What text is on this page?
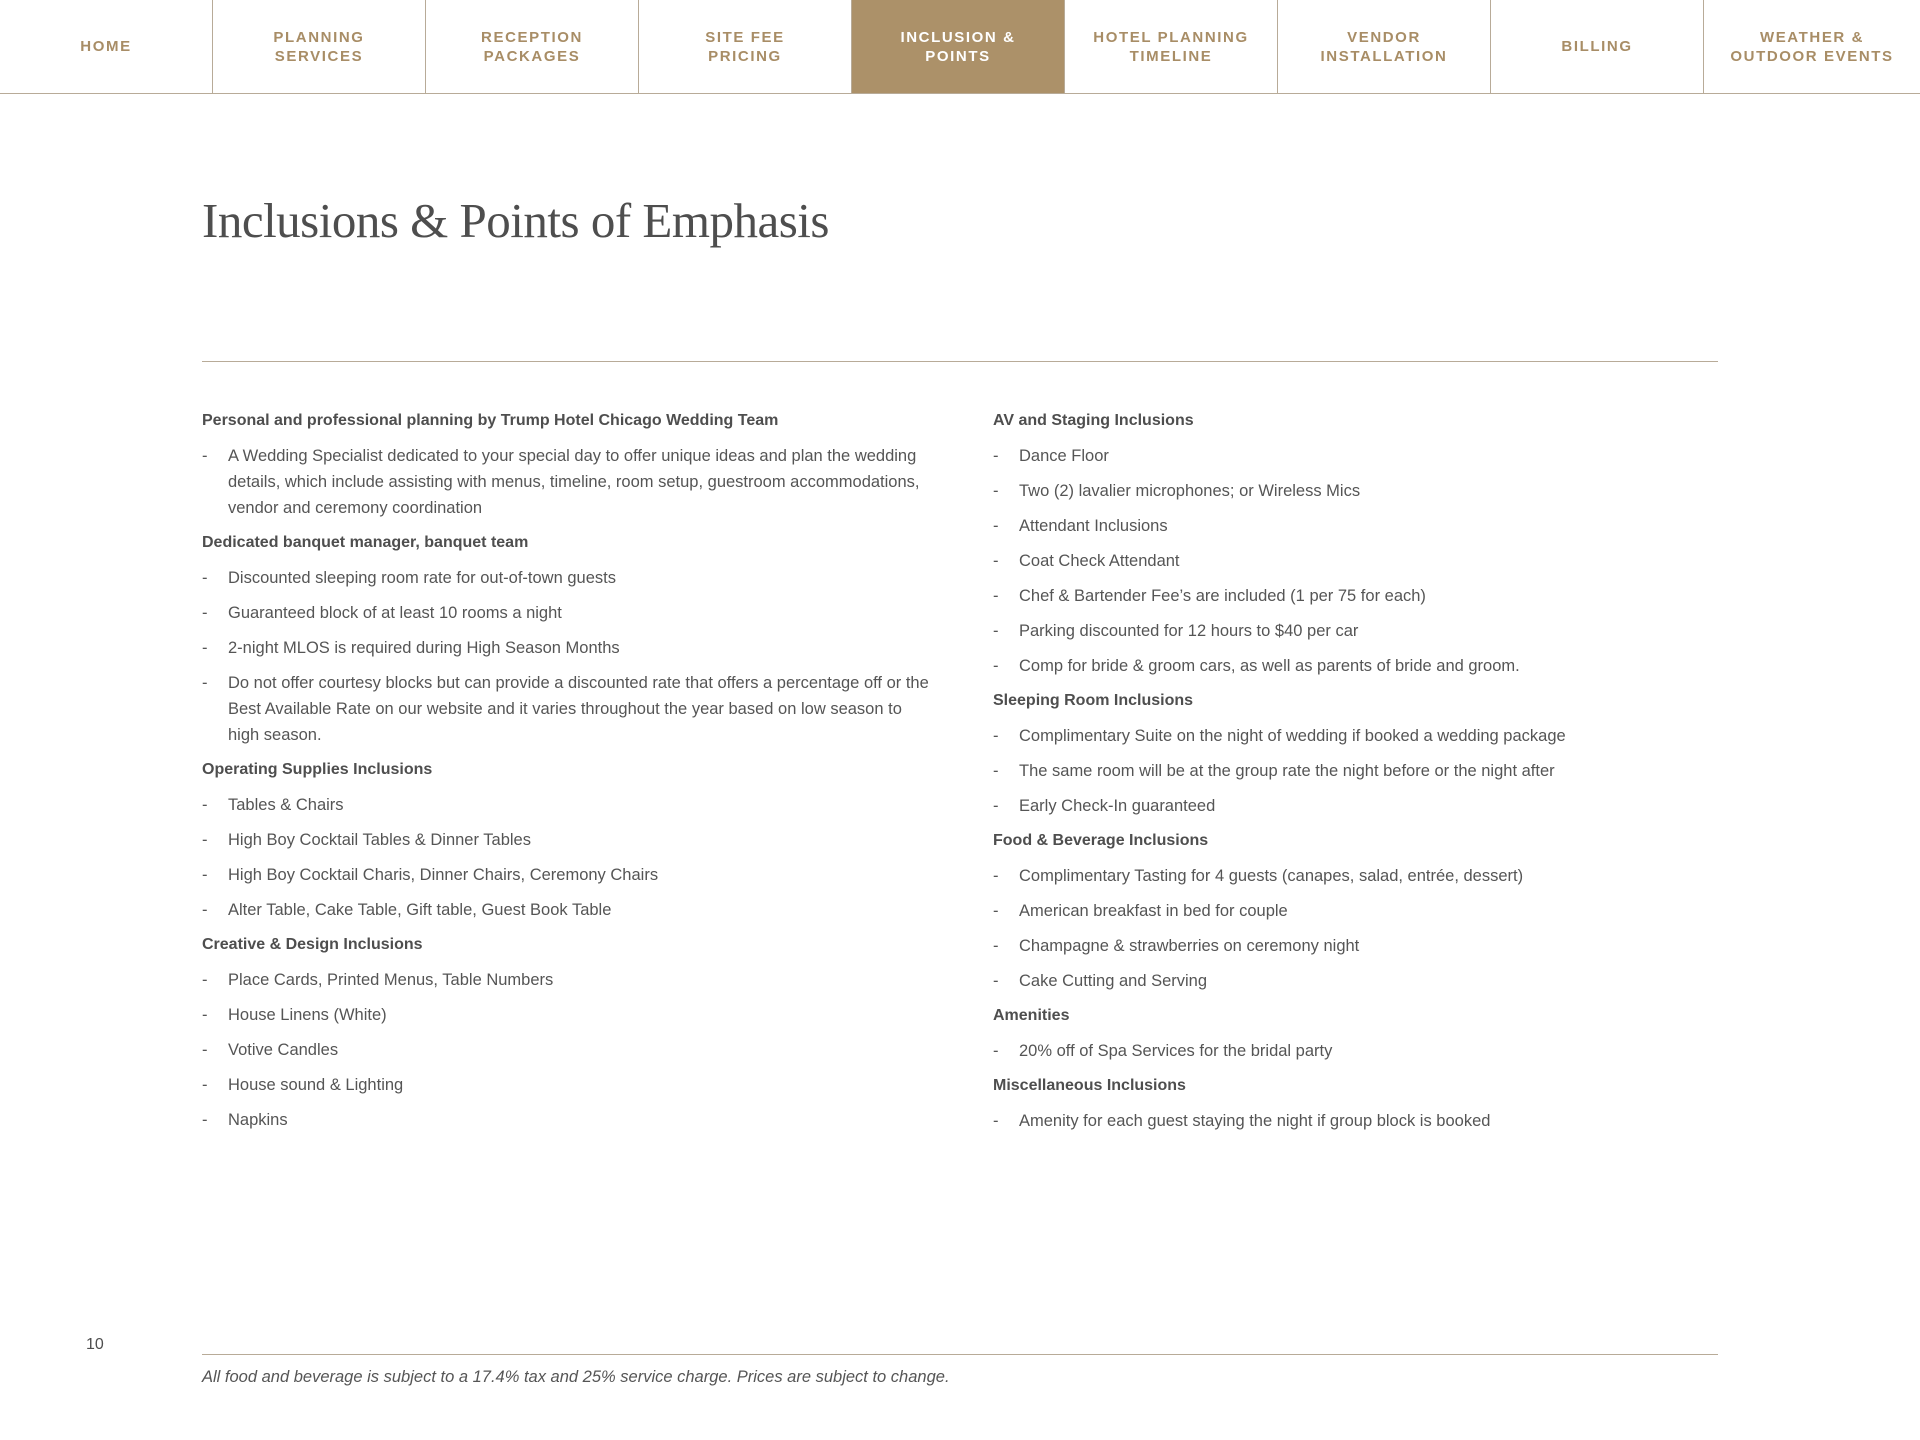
HOME
PLANNING
SERVICES
RECEPTION
PACKAGES
SITE FEE
PRICING
INCLUSION &
POINTS
HOTEL PLANNING
TIMELINE
VENDOR
INSTALLATION
BILLING
WEATHER &
OUTDOOR EVENTS
Inclusions & Points of Emphasis
Personal and professional planning by Trump Hotel Chicago Wedding Team
- A Wedding Specialist dedicated to your special day to offer unique ideas and plan the wedding details, which include assisting with menus, timeline, room setup, guestroom accommodations, vendor and ceremony coordination
Dedicated banquet manager, banquet team
- Discounted sleeping room rate for out-of-town guests
- Guaranteed block of at least 10 rooms a night
- 2-night MLOS is required during High Season Months
- Do not offer courtesy blocks but can provide a discounted rate that offers a percentage off or the Best Available Rate on our website and it varies throughout the year based on low season to high season.
Operating Supplies Inclusions
- Tables & Chairs
- High Boy Cocktail Tables & Dinner Tables
- High Boy Cocktail Charis, Dinner Chairs, Ceremony Chairs
- Alter Table, Cake Table, Gift table, Guest Book Table
Creative & Design Inclusions
- Place Cards, Printed Menus, Table Numbers
- House Linens (White)
- Votive Candles
- House sound & Lighting
- Napkins
AV and Staging Inclusions
- Dance Floor
- Two (2) lavalier microphones; or Wireless Mics
- Attendant Inclusions
- Coat Check Attendant
- Chef & Bartender Fee’s are included (1 per 75 for each)
- Parking discounted for 12 hours to $40 per car
- Comp for bride & groom cars, as well as parents of bride and groom.
Sleeping Room Inclusions
- Complimentary Suite on the night of wedding if booked a wedding package
- The same room will be at the group rate the night before or the night after
- Early Check-In guaranteed
Food & Beverage Inclusions
- Complimentary Tasting for 4 guests (canapes, salad, entrée, dessert)
- American breakfast in bed for couple
- Champagne & strawberries on ceremony night
- Cake Cutting and Serving
Amenities
- 20% off of Spa Services for the bridal party
Miscellaneous Inclusions
- Amenity for each guest staying the night if group block is booked
10
All food and beverage is subject to a 17.4% tax and 25% service charge. Prices are subject to change.
